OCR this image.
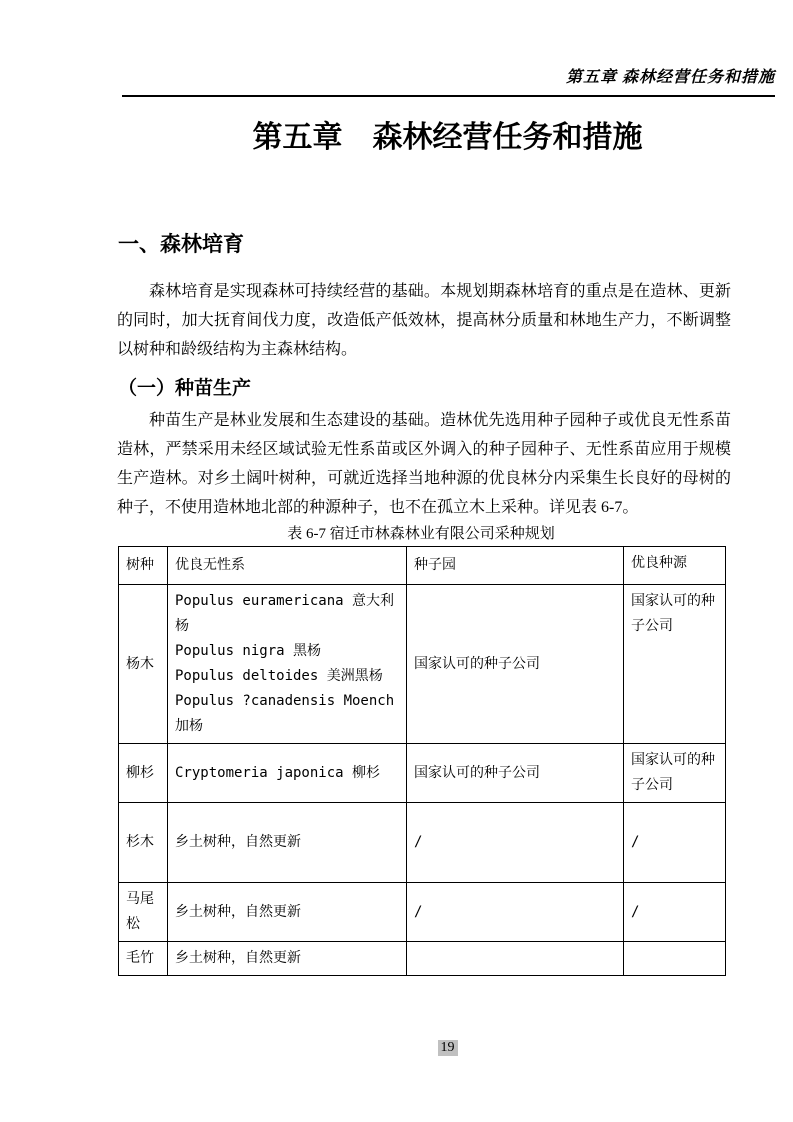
第五章 森林经营任务和措施
第五章　森林经营任务和措施
一、森林培育
森林培育是实现森林可持续经营的基础。本规划期森林培育的重点是在造林、更新的同时，加大抚育间伐力度，改造低产低效林，提高林分质量和林地生产力，不断调整以树种和龄级结构为主森林结构。
（一）种苗生产
种苗生产是林业发展和生态建设的基础。造林优先选用种子园种子或优良无性系苗造林，严禁采用未经区域试验无性系苗或区外调入的种子园种子、无性系苗应用于规模生产造林。对乡土阔叶树种，可就近选择当地种源的优良林分内采集生长良好的母树的种子，不使用造林地北部的种源种子，也不在孤立木上采种。详见表 6-7。
表 6-7 宿迁市林森林业有限公司采种规划
树种	优良无性系	种子园	优良种源
杨木	Populus euramericana 意大利杨
Populus nigra 黑杨
Populus deltoides 美洲黑杨
Populus ?canadensis Moench 加杨	国家认可的种子公司	国家认可的种子公司
柳杉	Cryptomeria japonica 柳杉	国家认可的种子公司	国家认可的种子公司
杉木	乡土树种，自然更新	/	/
马尾松	乡土树种，自然更新	/	/
毛竹	乡土树种，自然更新		

19
